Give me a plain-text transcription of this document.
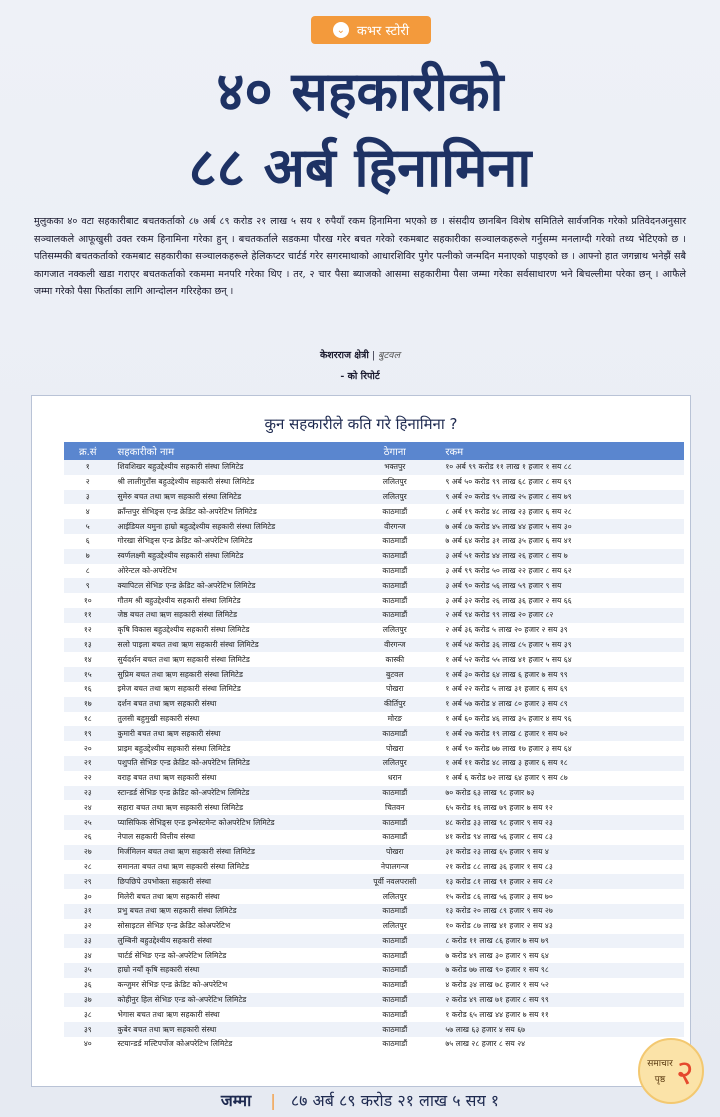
⌄ कभर स्टोरी
४० सहकारीको
८८ अर्ब हिनामिना
मुलुकका ४० वटा सहकारीबाट बचतकर्ताको ८७ अर्ब ८९ करोड २१ लाख ५ सय १ रुपैयाँ रकम हिनामिना भएको छ । संसदीय छानबिन विशेष समितिले सार्वजनिक गरेको प्रतिवेदनअनुसार सञ्चालकले आफूखुसी उक्त रकम हिनामिना गरेका हुन् । बचतकर्ताले सडकमा पौरख गरेर बचत गरेको रकमबाट सहकारीका सञ्चालकहरूले गर्नुसम्म मनलाग्दी गरेको तथ्य भेटिएको छ । पतिसम्मकी बचतकर्ताको रकमबाट सहकारीका सञ्चालकहरूले हेलिकप्टर चार्टर्ड गरेर सगरमाथाको आधारशिविर पुगेर पत्नीको जन्मदिन मनाएको पाइएको छ । आफ्नो हात जगन्नाथ भनेझैं सबै कागजात नक्कली खडा गराएर बचतकर्ताको रकममा मनपरि गरेका थिए । तर, २ चार पैसा ब्याजको आसमा सहकारीमा पैसा जम्मा गरेका सर्वसाधारण भने बिचल्लीमा परेका छन् । आफैले जम्मा गरेको पैसा फिर्ताका लागि आन्दोलन गरिरहेका छन् ।
केशरराज क्षेत्री | बुटवल
- को रिपोर्ट
कुन सहकारीले कति गरे हिनामिना ?
क्र.सं	सहकारीको नाम	ठेगाना	रकम
१	शिवशिखर बहुउद्देश्यीय सहकारी संस्था लिमिटेड	भक्तपुर	१० अर्ब ९९ करोड ११ लाख १ हजार १ सय ८८
२	श्री लालीगुराँस बहुउद्देश्यीय सहकारी संस्था लिमिटेड	ललितपुर	९ अर्ब ५० करोड ९९ लाख ६८ हजार ८ सय ६९
३	सुमेरु बचत तथा ऋण सहकारी संस्था लिमिटेड	ललितपुर	९ अर्ब २० करोड ९५ लाख २५ हजार ८ सय ७९
४	क्राँन्तपुर सेभिङ्स एन्ड क्रेडिट को-अपरेटिभ लिमिटेड	काठमाडौं	८ अर्ब १९ करोड ४८ लाख २३ हजार ६ सय २८
५	आईडियल यमुना हाम्रो बहुउद्देश्यीय सहकारी संस्था लिमिटेड	वीरगन्ज	७ अर्ब ८७ करोड ४५ लाख ४४ हजार ५ सय ३०
६	गोरखा सेभिङ्स एन्ड क्रेडिट को-अपरेटिभ लिमिटेड	काठमाडौं	७ अर्ब ६४ करोड ३१ लाख ३५ हजार ६ सय ४१
७	स्वर्णलक्ष्मी बहुउद्देश्यीय सहकारी संस्था लिमिटेड	काठमाडौं	३ अर्ब ५१ करोड ४४ लाख २६ हजार ८ सय ७
८	ओरेन्टल को-अपरेटिभ	काठमाडौं	३ अर्ब ९९ करोड ५० लाख २२ हजार ८ सय ६२
९	क्यापिटल सेभिङ एन्ड क्रेडिट को-अपरेटिभ लिमिटेड	काठमाडौं	३ अर्ब ९० करोड ५६ लाख ५९ हजार ९ सय
१०	गौतम श्री बहुउद्देश्यीय सहकारी संस्था लिमिटेड	काठमाडौं	३ अर्ब ३२ करोड २६ लाख ३६ हजार २ सय ६६
११	जेष्ठ बचत तथा ऋण सहकारी संस्था लिमिटेड	काठमाडौं	२ अर्ब ९४ करोड ९९ लाख २० हजार ८२
१२	कृषि विकास बहुउद्देश्यीय सहकारी संस्था लिमिटेड	ललितपुर	२ अर्ब ३६ करोड ५ लाख २० हजार २ सय ३९
१३	सलो पाइला बचत तथा ऋण सहकारी संस्था लिमिटेड	वीरगन्ज	१ अर्ब ५४ करोड ३६ लाख ८५ हजार ५ सय ३९
१४	सुर्यदर्शन बचत तथा ऋण सहकारी संस्था लिमिटेड	कास्की	१ अर्ब ५२ करोड ५५ लाख ४१ हजार ५ सय ६४
१५	सुप्रिम बचत तथा ऋण सहकारी संस्था लिमिटेड	बुटवल	१ अर्ब ३० करोड ६४ लाख ६ हजार ७ सय ९९
१६	इमेज बचत तथा ऋण सहकारी संस्था लिमिटेड	पोखरा	१ अर्ब २२ करोड ५ लाख ३१ हजार ६ सय ६९
१७	दर्शन बचत तथा ऋण सहकारी संस्था	कीर्तिपुर	१ अर्ब ५७ करोड ४ लाख ८० हजार ३ सय ८९
१८	तुलसी बहुमुखी सहकारी संस्था	मोरङ	१ अर्ब ६० करोड ४६ लाख ३५ हजार ४ सय ९६
१९	कुमारी बचत तथा ऋण सहकारी संस्था	काठमाडौं	१ अर्ब २७ करोड १९ लाख ८ हजार १ सय ७२
२०	प्राइम बहुउद्देश्यीय सहकारी संस्था लिमिटेड	पोखरा	१ अर्ब ९० करोड ७७ लाख १७ हजार ३ सय ६४
२१	पशुपति सेभिङ एन्ड क्रेडिट को-अपरेटिभ लिमिटेड	ललितपुर	१ अर्ब ११ करोड ४८ लाख ३ हजार ६ सय १८
२२	वराह बचत तथा ऋण सहकारी संस्था	धरान	१ अर्ब ६ करोड ७२ लाख ६४ हजार ९ सय ८७
२३	स्टान्डर्ड सेभिङ एन्ड क्रेडिट को-अपरेटिभ लिमिटेड	काठमाडौं	७० करोड ६३ लाख ९८ हजार ७३
२४	सहारा बचत तथा ऋण सहकारी संस्था लिमिटेड	चितवन	६५ करोड १६ लाख ७९ हजार ७ सय १२
२५	प्यासिफिक सेभिङ्स एन्ड इन्भेस्टमेन्ट कोअपरेटिभ लिमिटेड	काठमाडौं	४८ करोड ३३ लाख ९८ हजार ९ सय २३
२६	नेपाल सहकारी वित्तीय संस्था	काठमाडौं	४१ करोड ९४ लाख ५६ हजार ८ सय ८३
२७	मिर्जमिलन बचत तथा ऋण सहकारी संस्था लिमिटेड	पोखरा	३१ करोड २३ लाख ६५ हजार ९ सय ४
२८	समानता बचत तथा ऋण सहकारी संस्था लिमिटेड	नेपालगन्ज	२१ करोड ८८ लाख ३६ हजार १ सय ८३
२९	छिपछिपे उपभोक्ता सहकारी संस्था	पूर्वी नवलपरासी	१३ करोड ८१ लाख ९१ हजार २ सय ८२
३०	मिलेरी बचत तथा ऋण सहकारी संस्था	ललितपुर	१५ करोड ८६ लाख ५६ हजार ३ सय ७०
३१	प्रभु बचत तथा ऋण सहकारी संस्था लिमिटेड	काठमाडौं	१३ करोड २० लाख ८९ हजार ९ सय २७
३२	सोसाइटल सेभिङ एन्ड क्रेडिट कोअपरेटिभ	ललितपुर	१० करोड ८७ लाख ४१ हजार २ सय ४३
३३	लुम्बिनी बहुउद्देश्यीय सहकारी संस्था	काठमाडौं	८ करोड ११ लाख ८६ हजार ७ सय ७९
३४	चार्टर्ड सेभिङ एन्ड को-अपरेटिभ लिमिटेड	काठमाडौं	७ करोड ४९ लाख ३० हजार ९ सय ६४
३५	हाम्रो नयाँ कृषि सहकारी संस्था	काठमाडौं	७ करोड ७७ लाख ९० हजार १ सय ९८
३६	कन्जुमर सेभिङ एन्ड क्रेडिट को-अपरेटिभ	काठमाडौं	४ करोड ३४ लाख ७८ हजार १ सय ५२
३७	कोहीनुर हिल सेभिङ एन्ड को-अपरेटिभ लिमिटेड	काठमाडौं	२ करोड ४९ लाख ७१ हजार ८ सय ९९
३८	भेगास बचत तथा ऋण सहकारी संस्था	काठमाडौं	१ करोड ६५ लाख ४४ हजार ७ सय ११
३९	कुबेर बचत तथा ऋण सहकारी संस्था	काठमाडौं	५७ लाख ६३ हजार ४ सय ६७
४०	स्टयान्डर्ड मल्टिपर्पोज कोअपरेटिभ लिमिटेड	काठमाडौं	७५ लाख २८ हजार ८ सय २४
समाचार
पृष्ठ २
जम्मा | ८७ अर्ब ८९ करोड २१ लाख ५ सय १
